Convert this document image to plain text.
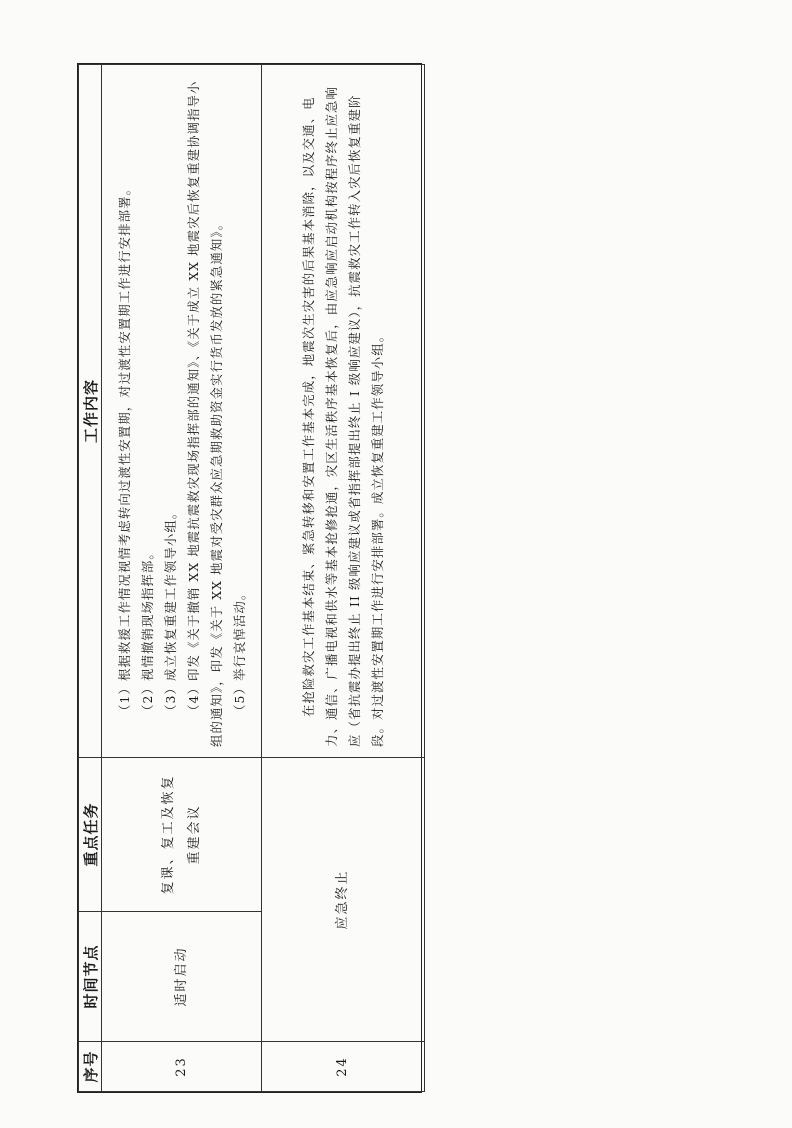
序号	时间节点	重点任务	工作内容
23	适时启动	复课、复工及恢复重建会议	（1）根据救援工作情况视情考虑转向过渡性安置期，对过渡性安置期工作进行安排部署。 （2）视情撤销现场指挥部。 （3）成立恢复重建工作领导小组。 （4）印发《关于撤销 XX 地震抗震救灾现场指挥部的通知》、《关于成立 XX 地震灾后恢复重建协调指导小组的通知》，印发《关于 XX 地震对受灾群众应急期救助资金实行货币发放的紧急通知》。 （5）举行哀悼活动。

24	应急终止		在抢险救灾工作基本结束、紧急转移和安置工作基本完成，地震次生灾害的后果基本消除，以及交通、电力、通信、广播电视和供水等基本抢修抢通，灾区生活秩序基本恢复后，由应急响应启动机构按程序终止应急响应（省抗震办提出终止 II 级响应建议或省指挥部提出终止 I 级响应建议），抗震救灾工作转入灾后恢复重建阶段。对过渡性安置期工作进行安排部署。成立恢复重建工作领导小组。
